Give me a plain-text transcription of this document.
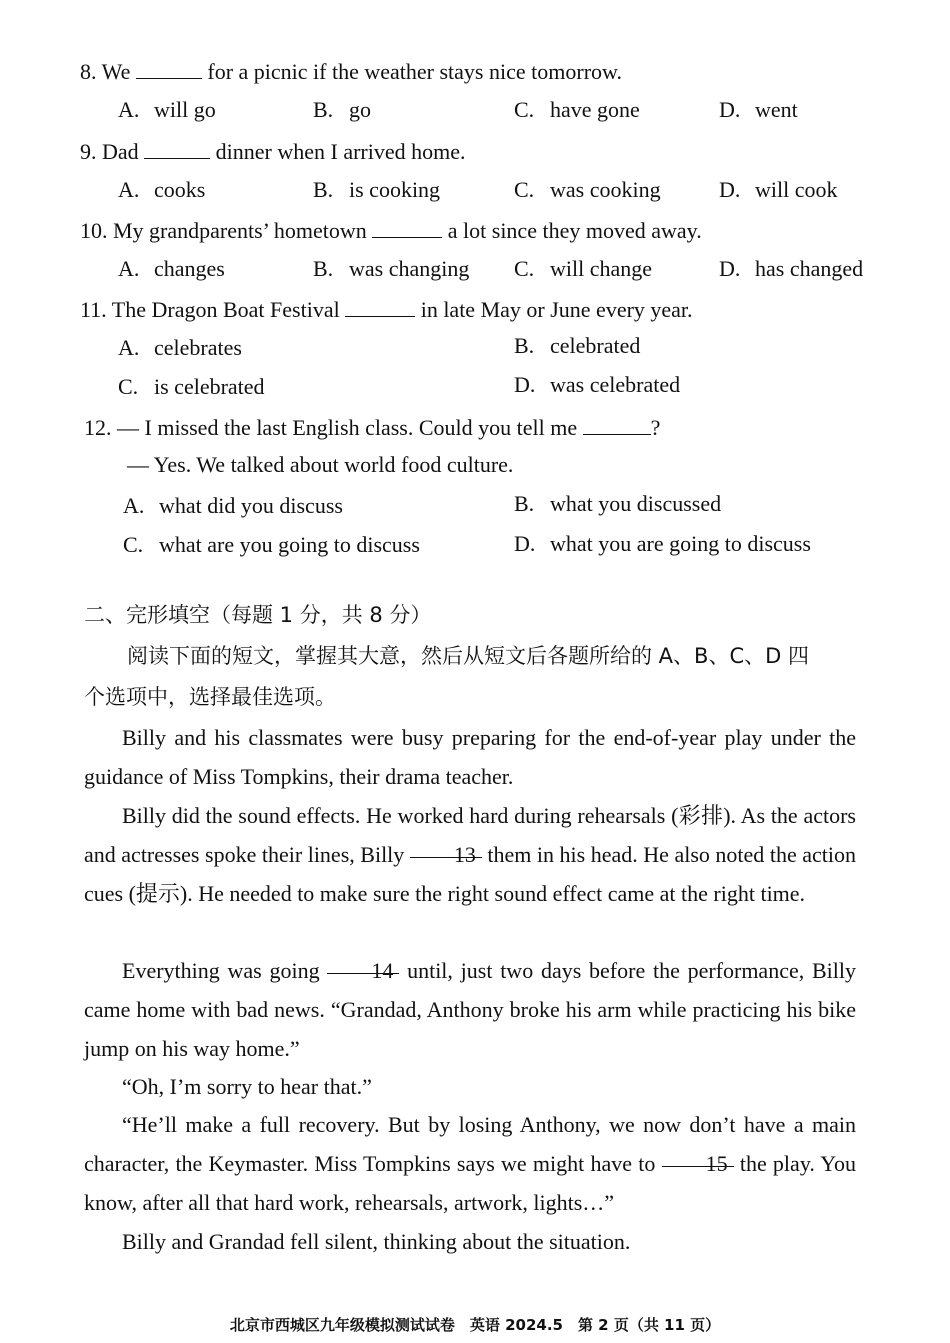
8. We	for a picnic if the weather stays nice tomorrow.
A. will go	B. go	C. have gone	D. went
9. Dad	dinner when I arrived home.
A. cooks	B. is cooking	C. was cooking	D. will cook
10. My grandparents’ hometown	a lot since they moved away.
A. changes	B. was changing C. will change	D. has changed
11. The Dragon Boat Festival	in late May or June every year.
A. celebrates	B. celebrated
C. is celebrated	D. was celebrated
12. — I missed the last English class. Could you tell me	?
— Yes. We talked about world food culture.
A. what did you discuss	B. what you discussed
C. what are you going to discuss	D. what you are going to discuss
二、完形填空（每题 1 分，共 8 分）
阅读下面的短文，掌握其大意，然后从短文后各题所给的 A、B、C、D 四
个选项中，选择最佳选项。
Billy and his classmates were busy preparing for the end-of-year play under the guidance of Miss Tompkins, their drama teacher.
Billy did the sound effects. He worked hard during rehearsals (彩排). As the actors and actresses spoke their lines, Billy 13 them in his head. He also noted the action cues (提示). He needed to make sure the right sound effect came at the right time.
Everything was going 14 until, just two days before the performance, Billy came home with bad news. “Grandad, Anthony broke his arm while practicing his bike jump on his way home.”
“Oh, I’m sorry to hear that.”
“He’ll make a full recovery. But by losing Anthony, we now don’t have a main character, the Keymaster. Miss Tompkins says we might have to 15 the play. You know, after all that hard work, rehearsals, artwork, lights…”
Billy and Grandad fell silent, thinking about the situation.
北京市西城区九年级模拟测试试卷　英语 2024.5　第 2 页（共 11 页）
